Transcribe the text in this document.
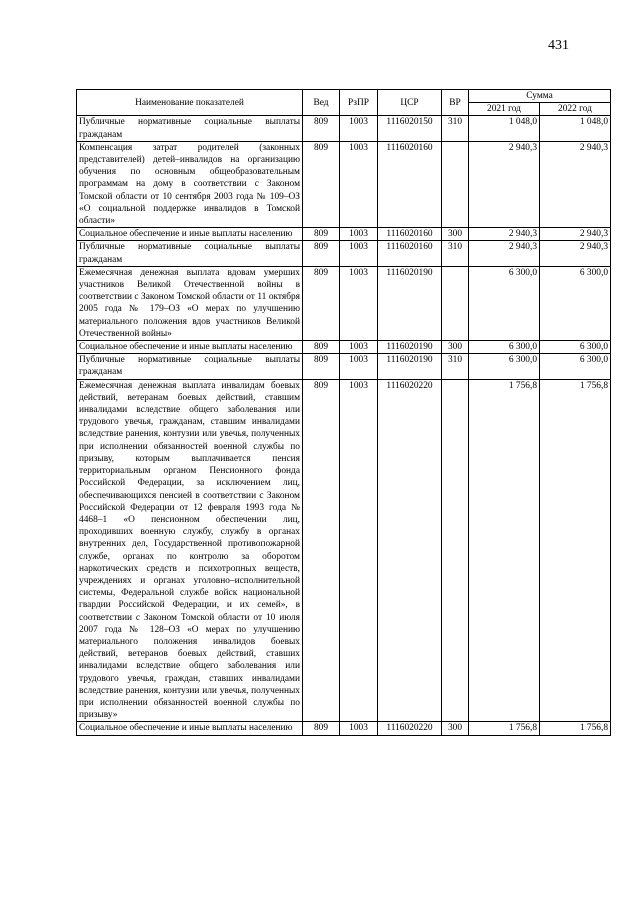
431
Наименование показателей	Вед	РзПР	ЦСР	ВР	Сумма	
					2021 год	2022 год
Публичные нормативные социальные выплаты гражданам	809	1003	1116020150	310	1 048,0	1 048,0
Компенсация затрат родителей (законных представителей) детей–инвалидов на организацию обучения по основным общеобразовательным программам на дому в соответствии с Законом Томской области от 10 сентября 2003 года № 109–ОЗ «О социальной поддержке инвалидов в Томской области»	809	1003	1116020160		2 940,3	2 940,3
Социальное обеспечение и иные выплаты населению	809	1003	1116020160	300	2 940,3	2 940,3
Публичные нормативные социальные выплаты гражданам	809	1003	1116020160	310	2 940,3	2 940,3
Ежемесячная денежная выплата вдовам умерших участников Великой Отечественной войны в соответствии с Законом Томской области от 11 октября 2005 года № 179–ОЗ «О мерах по улучшению материального положения вдов участников Великой Отечественной войны»	809	1003	1116020190		6 300,0	6 300,0
Социальное обеспечение и иные выплаты населению	809	1003	1116020190	300	6 300,0	6 300,0
Публичные нормативные социальные выплаты гражданам	809	1003	1116020190	310	6 300,0	6 300,0
Ежемесячная денежная выплата инвалидам боевых действий, ветеранам боевых действий, ставшим инвалидами вследствие общего заболевания или трудового увечья, гражданам, ставшим инвалидами вследствие ранения, контузии или увечья, полученных при исполнении обязанностей военной службы по призыву, которым выплачивается пенсия территориальным органом Пенсионного фонда Российской Федерации, за исключением лиц, обеспечивающихся пенсией в соответствии с Законом Российской Федерации от 12 февраля 1993 года № 4468–1 «О пенсионном обеспечении лиц, проходивших военную службу, службу в органах внутренних дел, Государственной противопожарной службе, органах по контролю за оборотом наркотических средств и психотропных веществ, учреждениях и органах уголовно–исполнительной системы, Федеральной службе войск национальной гвардии Российской Федерации, и их семей», в соответствии с Законом Томской области от 10 июля 2007 года № 128–ОЗ «О мерах по улучшению материального положения инвалидов боевых действий, ветеранов боевых действий, ставших инвалидами вследствие общего заболевания или трудового увечья, граждан, ставших инвалидами вследствие ранения, контузии или увечья, полученных при исполнении обязанностей военной службы по призыву»	809	1003	1116020220		1 756,8	1 756,8
Социальное обеспечение и иные выплаты населению	809	1003	1116020220	300	1 756,8	1 756,8
